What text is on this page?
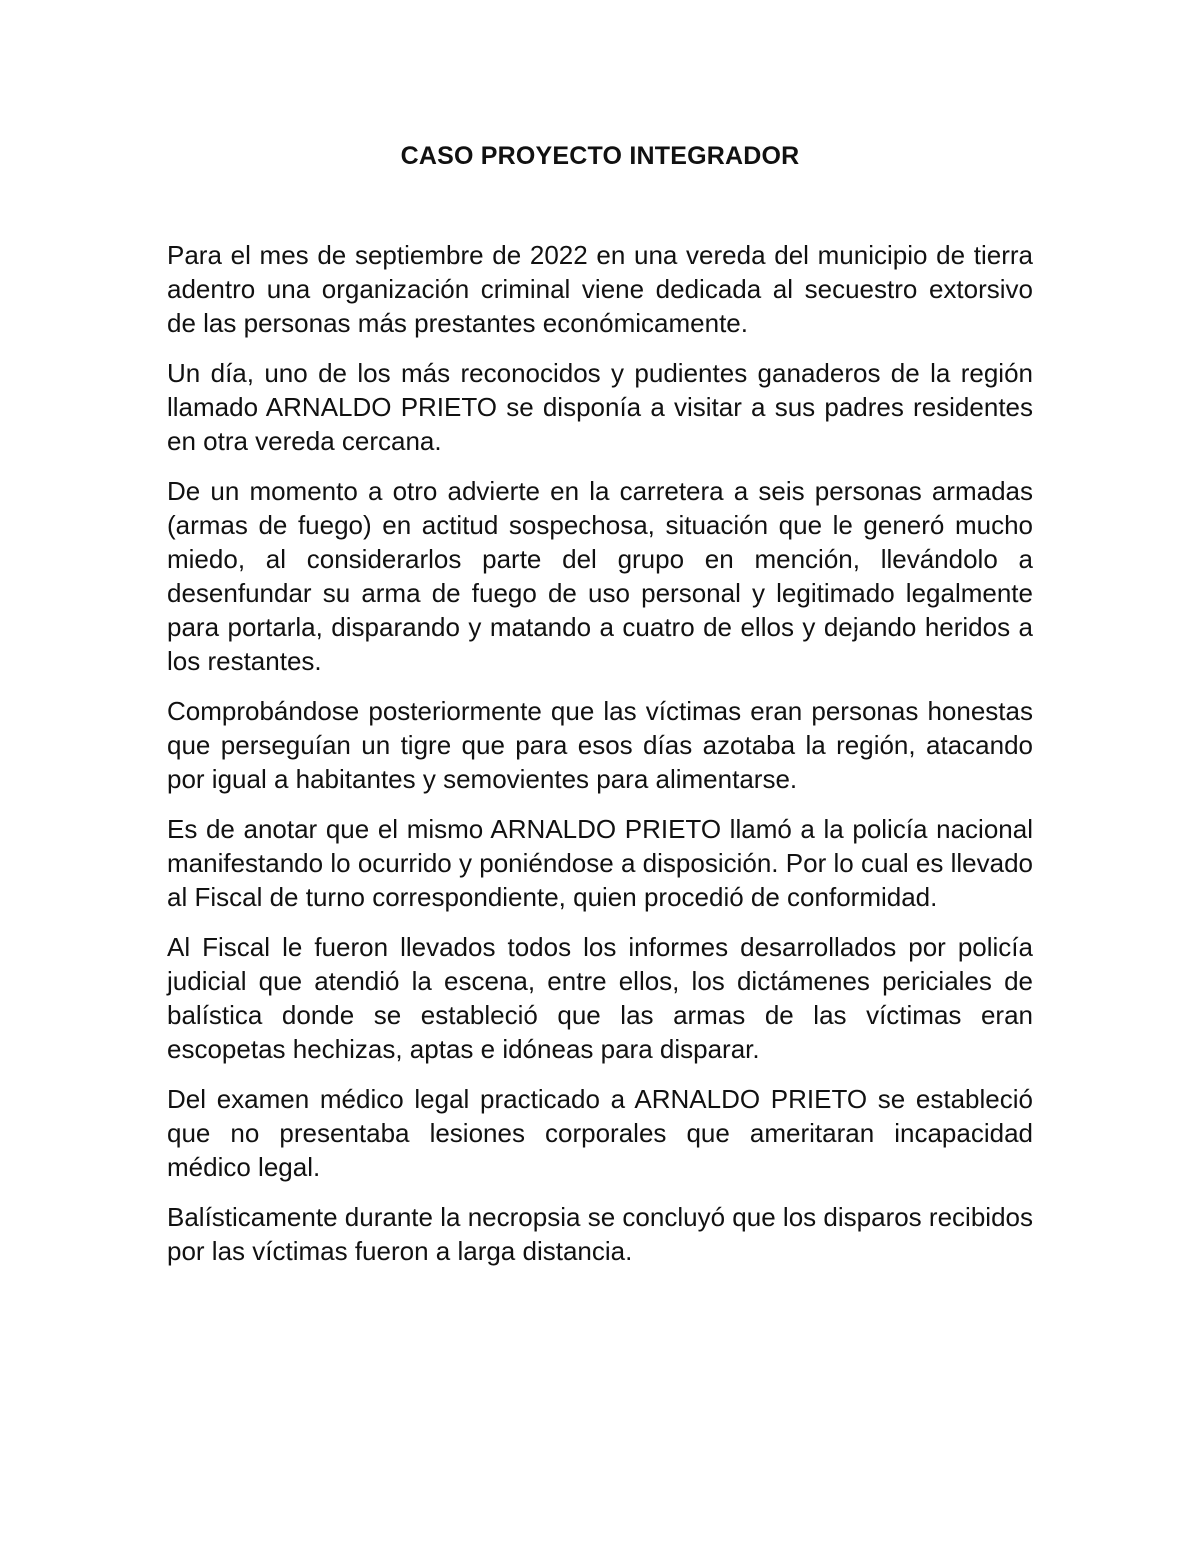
CASO PROYECTO INTEGRADOR

Para el mes de septiembre de 2022 en una vereda del municipio de tierra adentro una organización criminal viene dedicada al secuestro extorsivo de las personas más prestantes económicamente.

Un día, uno de los más reconocidos y pudientes ganaderos de la región llamado ARNALDO PRIETO se disponía a visitar a sus padres residentes en otra vereda cercana.

De un momento a otro advierte en la carretera a seis personas armadas (armas de fuego) en actitud sospechosa, situación que le generó mucho miedo, al considerarlos parte del grupo en mención, llevándolo a desenfundar su arma de fuego de uso personal y legitimado legalmente para portarla, disparando y matando a cuatro de ellos y dejando heridos a los restantes.

Comprobándose posteriormente que las víctimas eran personas honestas que perseguían un tigre que para esos días azotaba la región, atacando por igual a habitantes y semovientes para alimentarse.

Es de anotar que el mismo ARNALDO PRIETO llamó a la policía nacional manifestando lo ocurrido y poniéndose a disposición. Por lo cual es llevado al Fiscal de turno correspondiente, quien procedió de conformidad.

Al Fiscal le fueron llevados todos los informes desarrollados por policía judicial que atendió la escena, entre ellos, los dictámenes periciales de balística donde se estableció que las armas de las víctimas eran escopetas hechizas, aptas e idóneas para disparar.

Del examen médico legal practicado a ARNALDO PRIETO se estableció que no presentaba lesiones corporales que ameritaran incapacidad médico legal.

Balísticamente durante la necropsia se concluyó que los disparos recibidos por las víctimas fueron a larga distancia.
